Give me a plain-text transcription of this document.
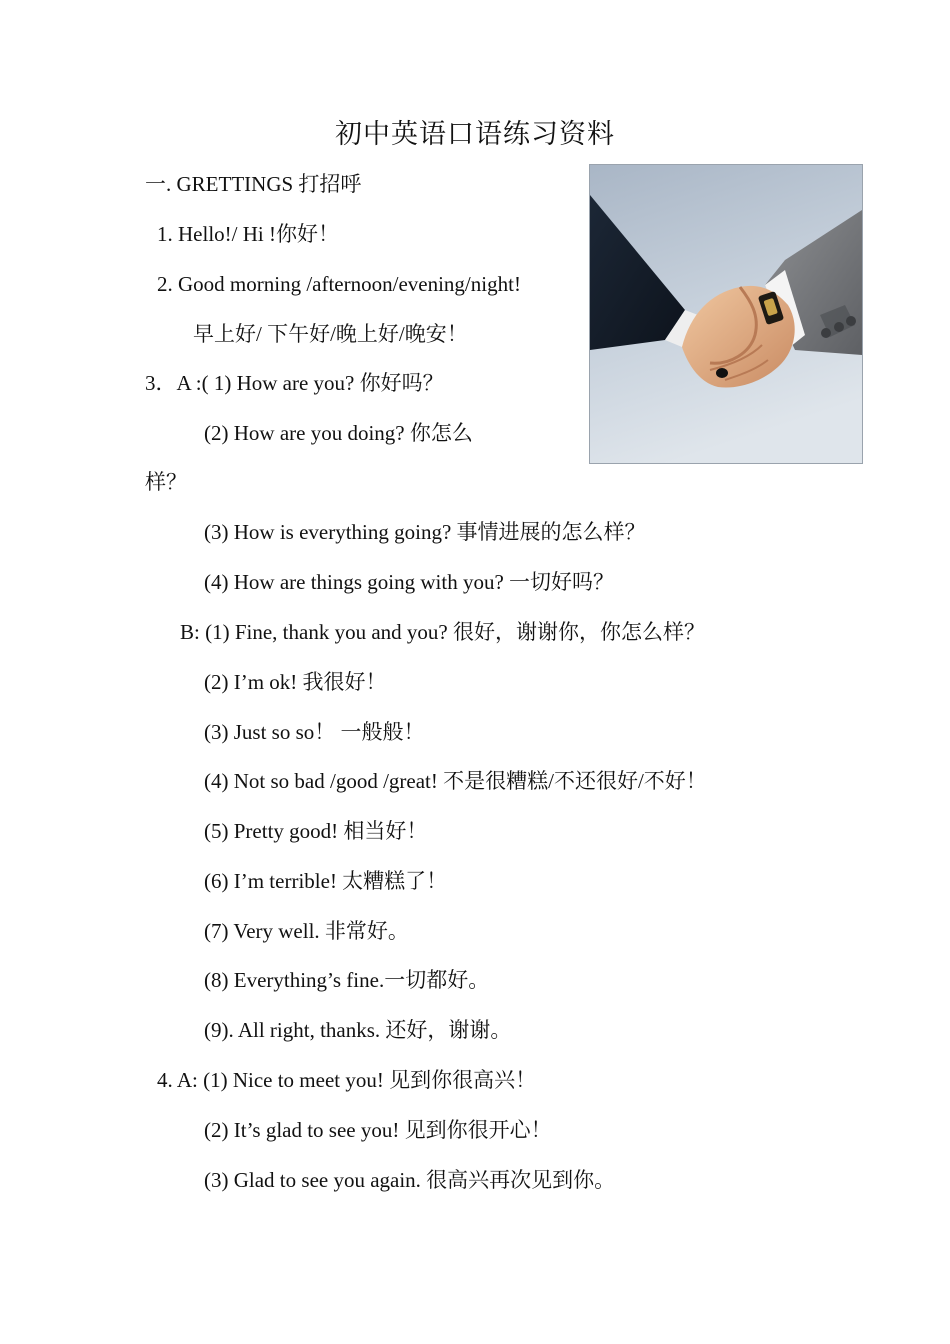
初中英语口语练习资料
一. GRETTINGS 打招呼
1. Hello!/ Hi !你好！
2. Good morning /afternoon/evening/night!
早上好/ 下午好/晚上好/晚安！
3．A :( 1) How are you? 你好吗？
(2) How are you doing? 你怎么
样？
(3) How is everything going? 事情进展的怎么样？
(4) How are things going with you? 一切好吗？
B: (1) Fine, thank you and you? 很好，谢谢你，你怎么样？
(2) I’m ok! 我很好！
(3) Just so so！ 一般般！
(4) Not so bad /good /great! 不是很糟糕/不还很好/不好！
(5) Pretty good! 相当好！
(6) I’m terrible! 太糟糕了！
(7) Very well. 非常好。
(8) Everything’s fine.一切都好。
(9). All right, thanks. 还好，谢谢。
4. A: (1) Nice to meet you! 见到你很高兴！
(2) It’s glad to see you! 见到你很开心！
(3) Glad to see you again. 很高兴再次见到你。
